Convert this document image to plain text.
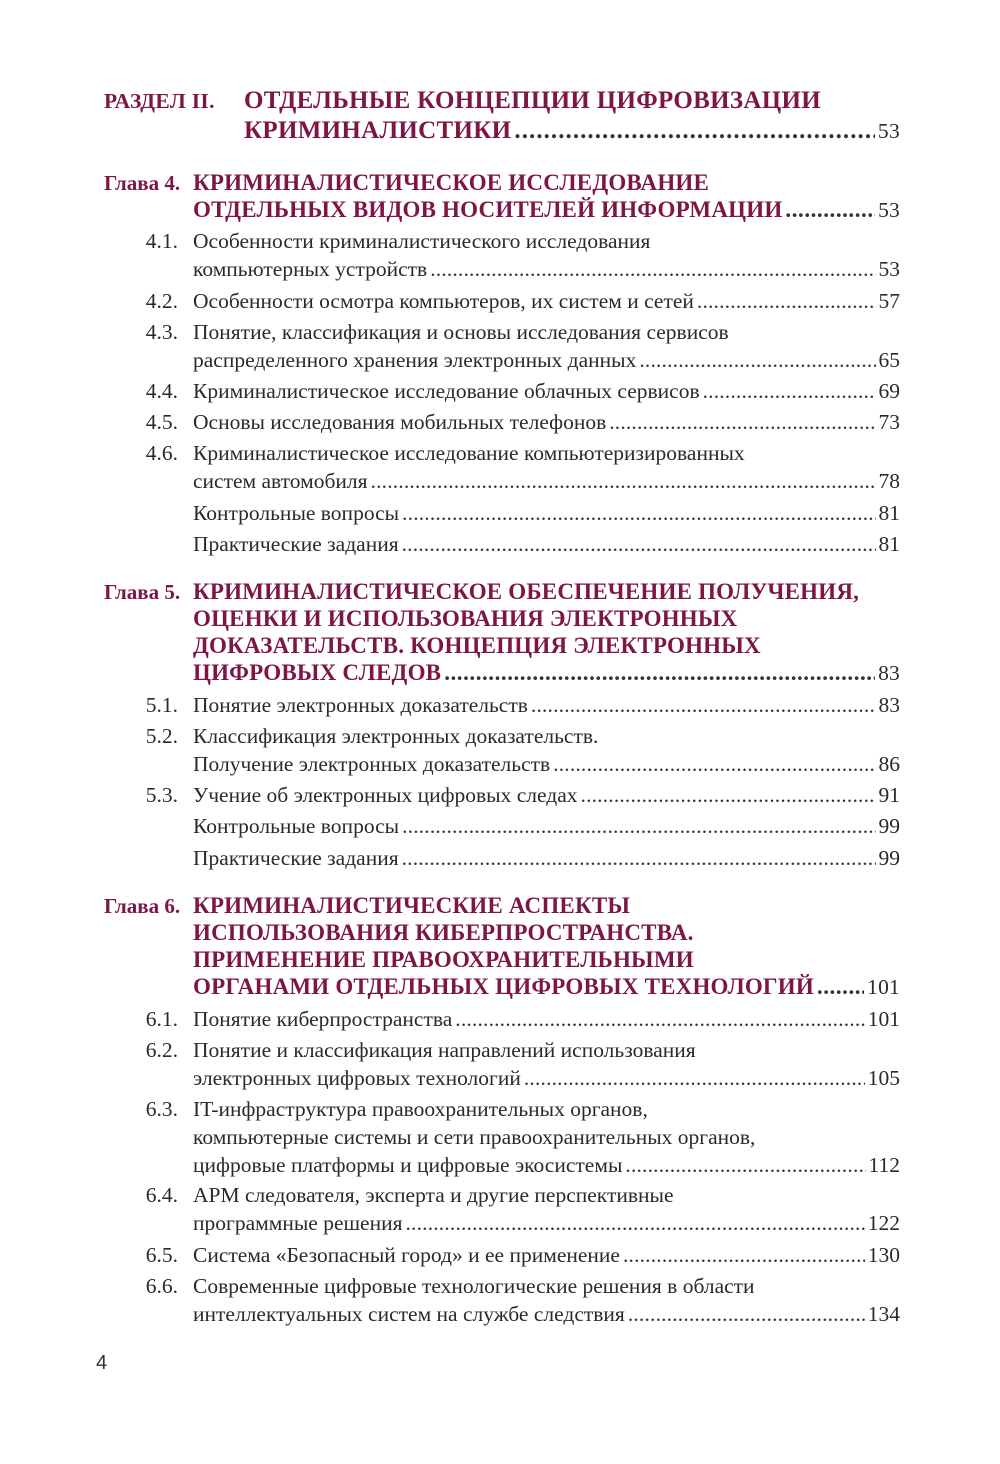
РАЗДЕЛ II. ОТДЕЛЬНЫЕ КОНЦЕПЦИИ ЦИФРОВИЗАЦИИ
КРИМИНАЛИСТИКИ . . .	53
Глава 4. КРИМИНАЛИСТИЧЕСКОЕ ИССЛЕДОВАНИЕ
ОТДЕЛЬНЫХ ВИДОВ НОСИТЕЛЕЙ ИНФОРМАЦИИ . . .	53
4.1. Особенности криминалистического исследования
компьютерных устройств . . .	53
4.2. Особенности осмотра компьютеров, их систем и сетей . . .	57
4.3. Понятие, классификация и основы исследования сервисов
распределенного хранения электронных данных . . .	65
4.4. Криминалистическое исследование облачных сервисов . . .	69
4.5. Основы исследования мобильных телефонов . . .	73
4.6. Криминалистическое исследование компьютеризированных
систем автомобиля . . .	78
Контрольные вопросы . . .	81
Практические задания . . .	81
Глава 5. КРИМИНАЛИСТИЧЕСКОЕ ОБЕСПЕЧЕНИЕ ПОЛУЧЕНИЯ,
ОЦЕНКИ И ИСПОЛЬЗОВАНИЯ ЭЛЕКТРОННЫХ
ДОКАЗАТЕЛЬСТВ. КОНЦЕПЦИЯ ЭЛЕКТРОННЫХ
ЦИФРОВЫХ СЛЕДОВ . . .	83
5.1. Понятие электронных доказательств . . .	83
5.2. Классификация электронных доказательств.
Получение электронных доказательств . . .	86
5.3. Учение об электронных цифровых следах . . .	91
Контрольные вопросы . . .	99
Практические задания . . .	99
Глава 6. КРИМИНАЛИСТИЧЕСКИЕ АСПЕКТЫ
ИСПОЛЬЗОВАНИЯ КИБЕРПРОСТРАНСТВА.
ПРИМЕНЕНИЕ ПРАВООХРАНИТЕЛЬНЫМИ
ОРГАНАМИ ОТДЕЛЬНЫХ ЦИФРОВЫХ ТЕХНОЛОГИЙ . . . 101
6.1. Понятие киберпространства . . .	101
6.2. Понятие и классификация направлений использования
электронных цифровых технологий . . .	105
6.3. IT-инфраструктура правоохранительных органов,
компьютерные системы и сети правоохранительных органов,
цифровые платформы и цифровые экосистемы . . .	112
6.4. АРМ следователя, эксперта и другие перспективные
программные решения . . .	122
6.5. Система «Безопасный город» и ее применение . . .	130
6.6. Современные цифровые технологические решения в области
интеллектуальных систем на службе следствия . . .	134
4
